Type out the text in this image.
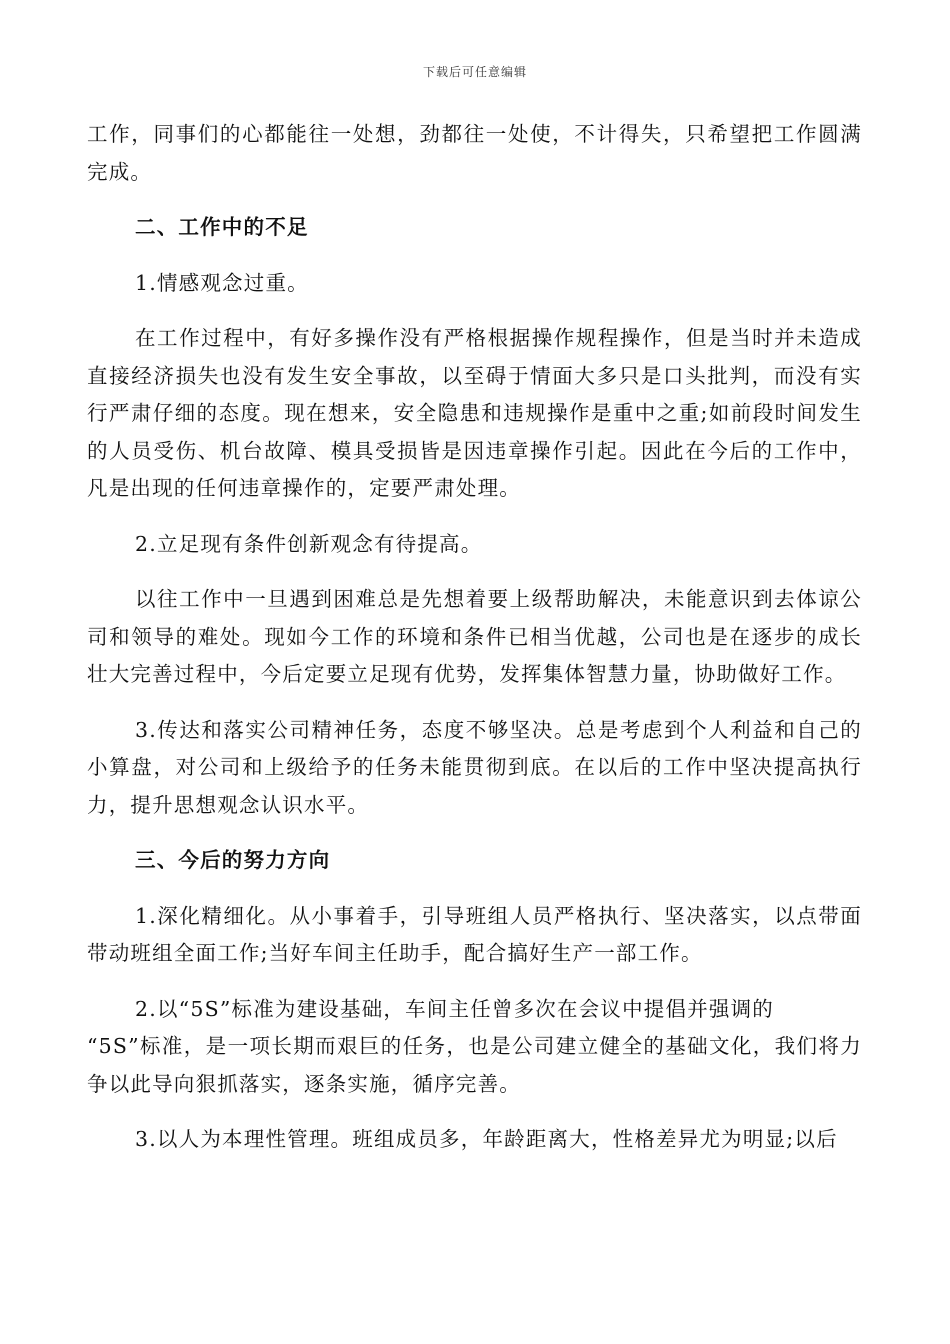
下载后可任意编辑

工作，同事们的心都能往一处想，劲都往一处使，不计得失，只希望把工作圆满完成。

二、工作中的不足

1.情感观念过重。

在工作过程中，有好多操作没有严格根据操作规程操作，但是当时并未造成直接经济损失也没有发生安全事故，以至碍于情面大多只是口头批判，而没有实行严肃仔细的态度。现在想来，安全隐患和违规操作是重中之重;如前段时间发生的人员受伤、机台故障、模具受损皆是因违章操作引起。因此在今后的工作中，凡是出现的任何违章操作的，定要严肃处理。

2.立足现有条件创新观念有待提高。

以往工作中一旦遇到困难总是先想着要上级帮助解决，未能意识到去体谅公司和领导的难处。现如今工作的环境和条件已相当优越，公司也是在逐步的成长壮大完善过程中，今后定要立足现有优势，发挥集体智慧力量，协助做好工作。

3.传达和落实公司精神任务，态度不够坚决。总是考虑到个人利益和自己的小算盘，对公司和上级给予的任务未能贯彻到底。在以后的工作中坚决提高执行力，提升思想观念认识水平。

三、今后的努力方向

1.深化精细化。从小事着手，引导班组人员严格执行、坚决落实，以点带面带动班组全面工作;当好车间主任助手，配合搞好生产一部工作。

2.以“5S”标准为建设基础，车间主任曾多次在会议中提倡并强调的

“5S”标准，是一项长期而艰巨的任务，也是公司建立健全的基础文化，我们将力争以此导向狠抓落实，逐条实施，循序完善。

3.以人为本理性管理。班组成员多，年龄距离大，性格差异尤为明显;以后
